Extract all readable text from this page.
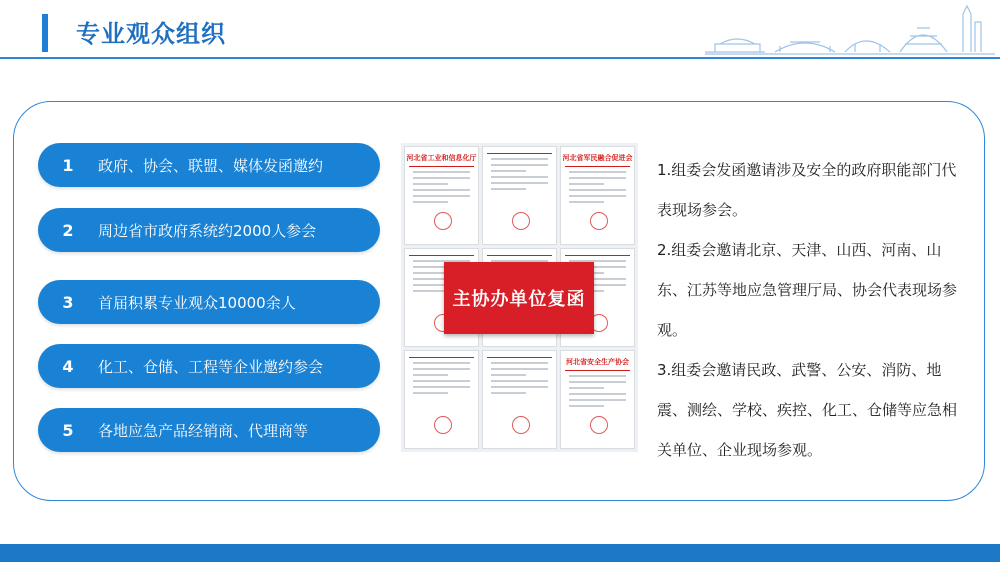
专业观众组织
1	政府、协会、联盟、媒体发函邀约
2	周边省市政府系统约2000人参会
3	首届积累专业观众10000余人
4	化工、仓储、工程等企业邀约参会
5	各地应急产品经销商、代理商等
河北省工业和信息化厅	河北省军民融合促进会
河北省安全生产协会
主协办单位复函

1.组委会发函邀请涉及安全的政府职能部门代表现场参会。

2.组委会邀请北京、天津、山西、河南、山东、江苏等地应急管理厅局、协会代表现场参观。

3.组委会邀请民政、武警、公安、消防、地震、测绘、学校、疾控、化工、仓储等应急相关单位、企业现场参观。
